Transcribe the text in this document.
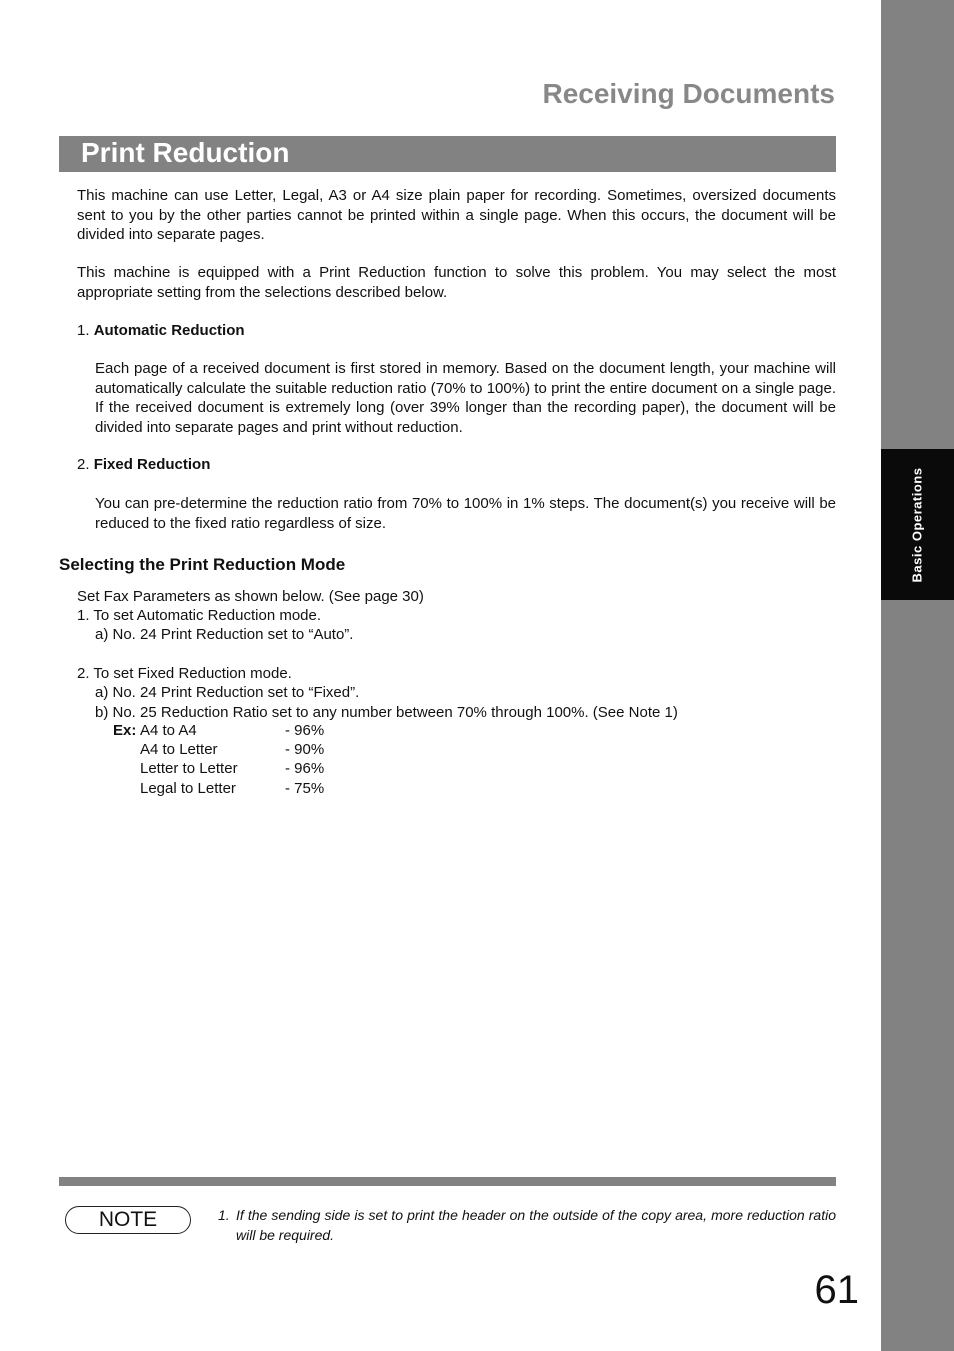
Basic Operations
Receiving Documents
Print Reduction

This machine can use Letter, Legal, A3 or A4 size plain paper for recording. Sometimes, oversized documents sent to you by the other parties cannot be printed within a single page. When this occurs, the document will be divided into separate pages.

This machine is equipped with a Print Reduction function to solve this problem. You may select the most appropriate setting from the selections described below.

1. Automatic Reduction

Each page of a received document is first stored in memory. Based on the document length, your machine will automatically calculate the suitable reduction ratio (70% to 100%) to print the entire document on a single page. If the received document is extremely long (over 39% longer than the recording paper), the document will be divided into separate pages and print without reduction.

2. Fixed Reduction

You can pre-determine the reduction ratio from 70% to 100% in 1% steps. The document(s) you receive will be reduced to the fixed ratio regardless of size.

Selecting the Print Reduction Mode
Set Fax Parameters as shown below. (See page 30)
1. To set Automatic Reduction mode.
a) No. 24 Print Reduction set to “Auto”.
2. To set Fixed Reduction mode.
a) No. 24 Print Reduction set to “Fixed”.
b) No. 25 Reduction Ratio set to any number between 70% through 100%. (See Note 1)
Ex: A4 to A4	- 96%
A4 to Letter	- 90%
Letter to Letter	- 96%
Legal to Letter	- 75%
NOTE	1. If the sending side is set to print the header on the outside of the copy area, more reduction ratio will be required.
61
